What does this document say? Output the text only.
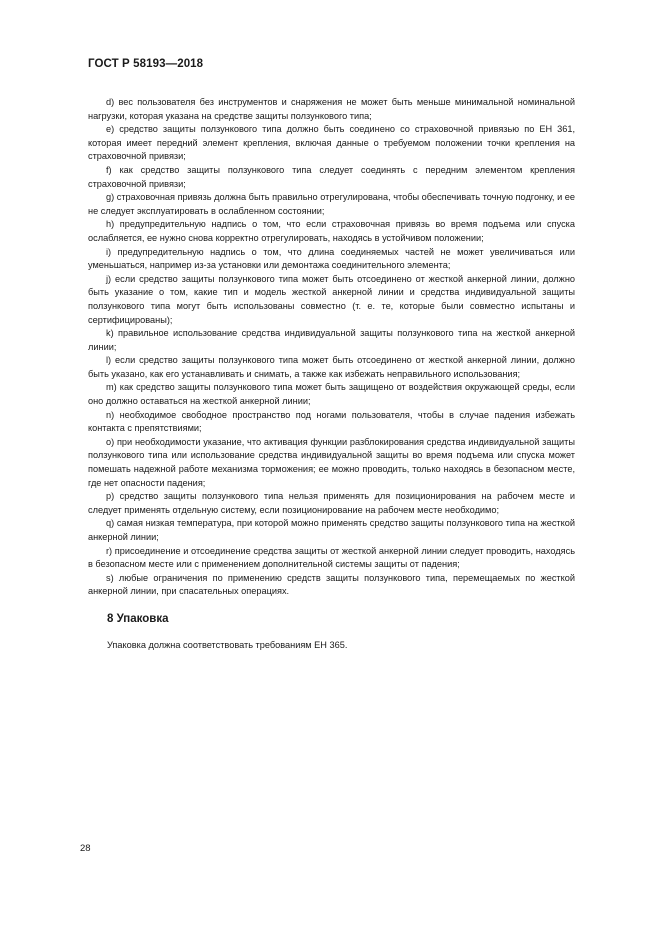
ГОСТ Р 58193—2018

d) вес пользователя без инструментов и снаряжения не может быть меньше минимальной номинальной нагрузки, которая указана на средстве защиты ползункового типа;

e) средство защиты ползункового типа должно быть соединено со страховочной привязью по ЕН 361, которая имеет передний элемент крепления, включая данные о требуемом положении точки крепления на страховочной привязи;

f) как средство защиты ползункового типа следует соединять с передним элементом крепления страховочной привязи;

g) страховочная привязь должна быть правильно отрегулирована, чтобы обеспечивать точную подгонку, и ее не следует эксплуатировать в ослабленном состоянии;

h) предупредительную надпись о том, что если страховочная привязь во время подъема или спуска ослабляется, ее нужно снова корректно отрегулировать, находясь в устойчивом положении;

i) предупредительную надпись о том, что длина соединяемых частей не может увеличиваться или уменьшаться, например из-за установки или демонтажа соединительного элемента;

j) если средство защиты ползункового типа может быть отсоединено от жесткой анкерной линии, должно быть указание о том, какие тип и модель жесткой анкерной линии и средства индивидуальной защиты ползункового типа могут быть использованы совместно (т. е. те, которые были совместно испытаны и сертифицированы);

k) правильное использование средства индивидуальной защиты ползункового типа на жесткой анкерной линии;

l) если средство защиты ползункового типа может быть отсоединено от жесткой анкерной линии, должно быть указано, как его устанавливать и снимать, а также как избежать неправильного использования;

m) как средство защиты ползункового типа может быть защищено от воздействия окружающей среды, если оно должно оставаться на жесткой анкерной линии;

n) необходимое свободное пространство под ногами пользователя, чтобы в случае падения избежать контакта с препятствиями;

o) при необходимости указание, что активация функции разблокирования средства индивидуальной защиты ползункового типа или использование средства индивидуальной защиты во время подъема или спуска может помешать надежной работе механизма торможения; ее можно проводить, только находясь в безопасном месте, где нет опасности падения;

p) средство защиты ползункового типа нельзя применять для позиционирования на рабочем месте и следует применять отдельную систему, если позиционирование на рабочем месте необходимо;

q) самая низкая температура, при которой можно применять средство защиты ползункового типа на жесткой анкерной линии;

r) присоединение и отсоединение средства защиты от жесткой анкерной линии следует проводить, находясь в безопасном месте или с применением дополнительной системы защиты от падения;

s) любые ограничения по применению средств защиты ползункового типа, перемещаемых по жесткой анкерной линии, при спасательных операциях.

8 Упаковка
Упаковка должна соответствовать требованиям ЕН 365.
28
